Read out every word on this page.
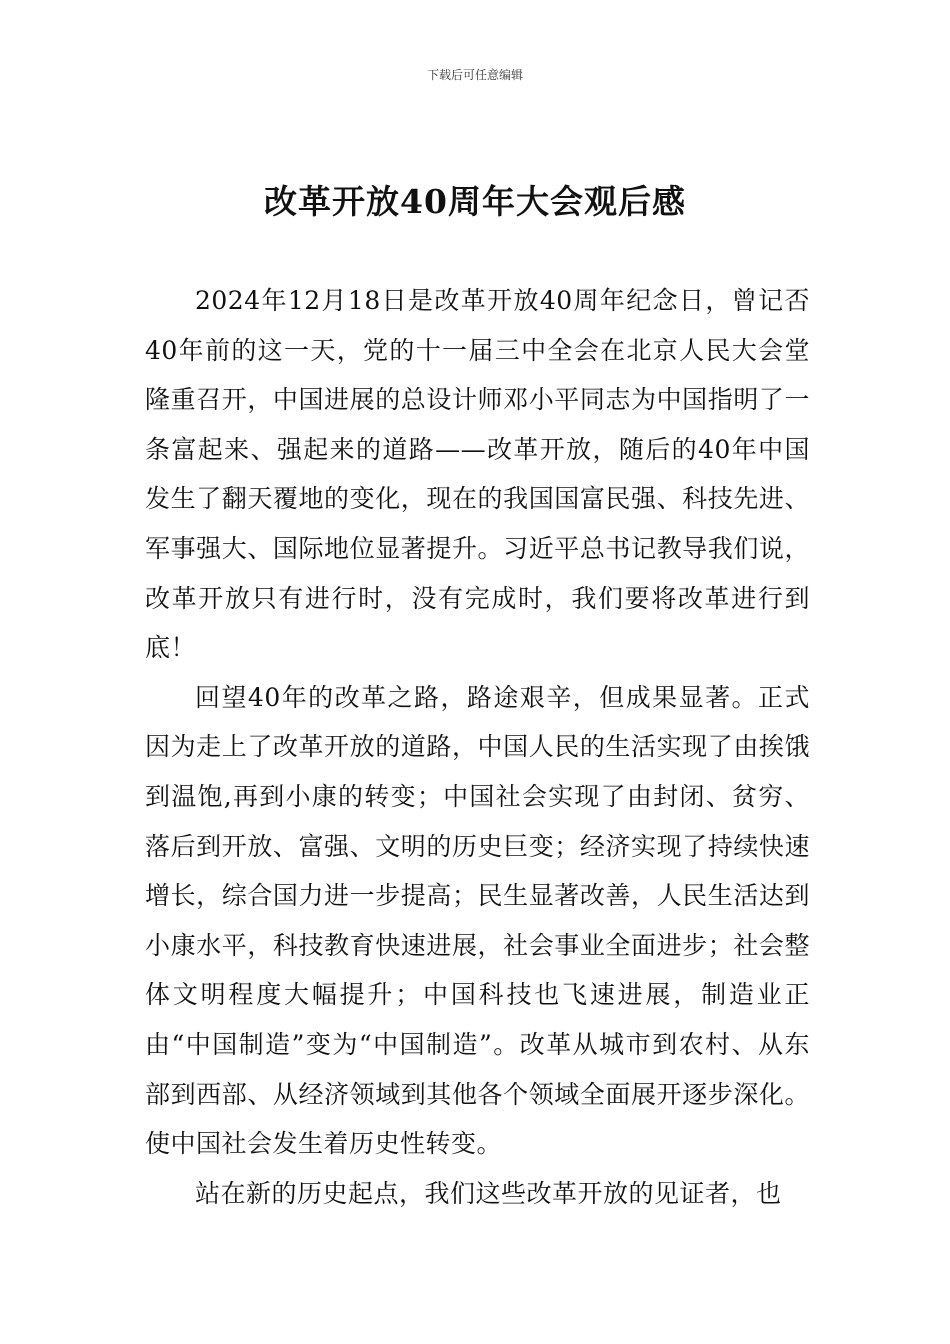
下载后可任意编辑
改革开放40周年大会观后感

2024年12月18日是改革开放40周年纪念日，曾记否40年前的这一天，党的十一届三中全会在北京人民大会堂隆重召开，中国进展的总设计师邓小平同志为中国指明了一条富起来、强起来的道路——改革开放，随后的40年中国发生了翻天覆地的变化，现在的我国国富民强、科技先进、军事强大、国际地位显著提升。习近平总书记教导我们说，改革开放只有进行时，没有完成时，我们要将改革进行到底！

回望40年的改革之路，路途艰辛，但成果显著。正式因为走上了改革开放的道路，中国人民的生活实现了由挨饿到温饱,再到小康的转变；中国社会实现了由封闭、贫穷、落后到开放、富强、文明的历史巨变；经济实现了持续快速增长，综合国力进一步提高；民生显著改善，人民生活达到小康水平，科技教育快速进展，社会事业全面进步；社会整体文明程度大幅提升；中国科技也飞速进展，制造业正由“中国制造”变为“中国制造”。改革从城市到农村、从东部到西部、从经济领域到其他各个领域全面展开逐步深化。使中国社会发生着历史性转变。

站在新的历史起点，我们这些改革开放的见证者，也
